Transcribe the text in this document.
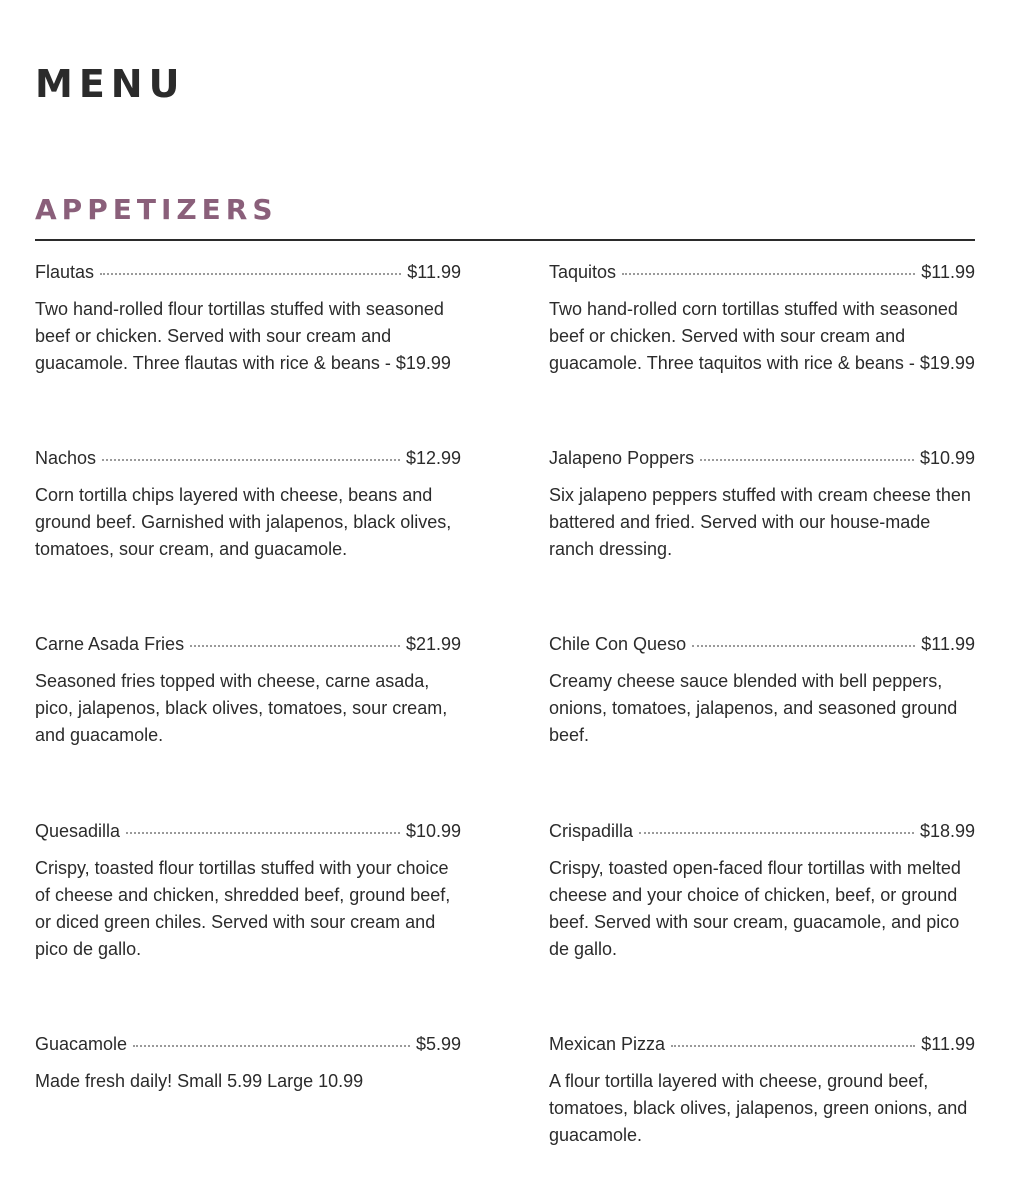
MENU
APPETIZERS
Flautas	$11.99

Two hand-rolled flour tortillas stuffed with seasoned beef or chicken. Served with sour cream and guacamole. Three flautas with rice & beans - $19.99

Taquitos	$11.99

Two hand-rolled corn tortillas stuffed with seasoned beef or chicken. Served with sour cream and guacamole. Three taquitos with rice & beans - $19.99

Nachos	$12.99

Corn tortilla chips layered with cheese, beans and ground beef. Garnished with jalapenos, black olives, tomatoes, sour cream, and guacamole.

Jalapeno Poppers	$10.99

Six jalapeno peppers stuffed with cream cheese then battered and fried. Served with our house-made ranch dressing.

Carne Asada Fries	$21.99

Seasoned fries topped with cheese, carne asada, pico, jalapenos, black olives, tomatoes, sour cream, and guacamole.

Chile Con Queso	$11.99

Creamy cheese sauce blended with bell peppers, onions, tomatoes, jalapenos, and seasoned ground beef.

Quesadilla	$10.99

Crispy, toasted flour tortillas stuffed with your choice of cheese and chicken, shredded beef, ground beef, or diced green chiles. Served with sour cream and pico de gallo.

Crispadilla	$18.99

Crispy, toasted open-faced flour tortillas with melted cheese and your choice of chicken, beef, or ground beef. Served with sour cream, guacamole, and pico de gallo.

Guacamole	$5.99

Made fresh daily! Small 5.99 Large 10.99

Mexican Pizza	$11.99

A flour tortilla layered with cheese, ground beef, tomatoes, black olives, jalapenos, green onions, and guacamole.
